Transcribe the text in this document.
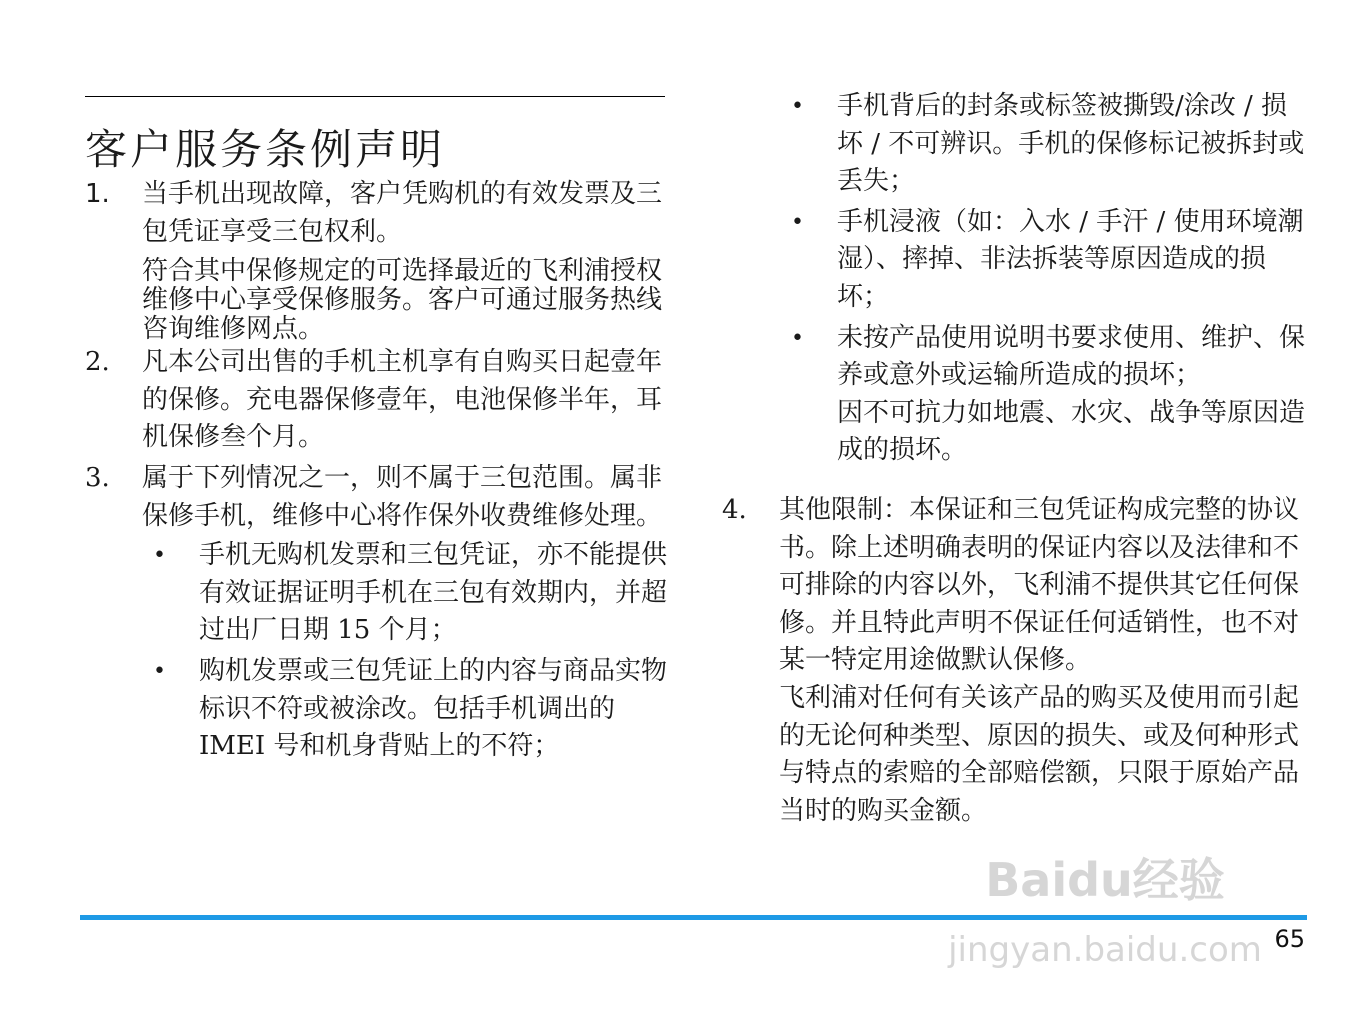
客户服务条例声明
1. 当手机出现故障，客户凭购机的有效发票及三包凭证享受三包权利。

符合其中保修规定的可选择最近的飞利浦授权维修中心享受保修服务。客户可通过服务热线咨询维修网点。

2. 凡本公司出售的手机主机享有自购买日起壹年的保修。充电器保修壹年，电池保修半年，耳机保修叁个月。

3. 属于下列情况之一，则不属于三包范围。属非保修手机，维修中心将作保外收费维修处理。

• 手机无购机发票和三包凭证，亦不能提供有效证据证明手机在三包有效期内，并超过出厂日期 15 个月；
• 购机发票或三包凭证上的内容与商品实物标识不符或被涂改。包括手机调出的 IMEI 号和机身背贴上的不符；
• 手机背后的封条或标签被撕毁/涂改 / 损坏 / 不可辨识。手机的保修标记被拆封或丢失；
• 手机浸液（如：入水 / 手汗 / 使用环境潮湿）、摔掉、非法拆装等原因造成的损坏；
• 未按产品使用说明书要求使用、维护、保养或意外或运输所造成的损坏；

因不可抗力如地震、水灾、战争等原因造成的损坏。

4. 其他限制：本保证和三包凭证构成完整的协议书。除上述明确表明的保证内容以及法律和不可排除的内容以外，飞利浦不提供其它任何保修。并且特此声明不保证任何适销性，也不对某一特定用途做默认保修。

飞利浦对任何有关该产品的购买及使用而引起的无论何种类型、原因的损失、或及何种形式与特点的索赔的全部赔偿额，只限于原始产品当时的购买金额。

Baidu经验
jingyan.baidu.com 65
